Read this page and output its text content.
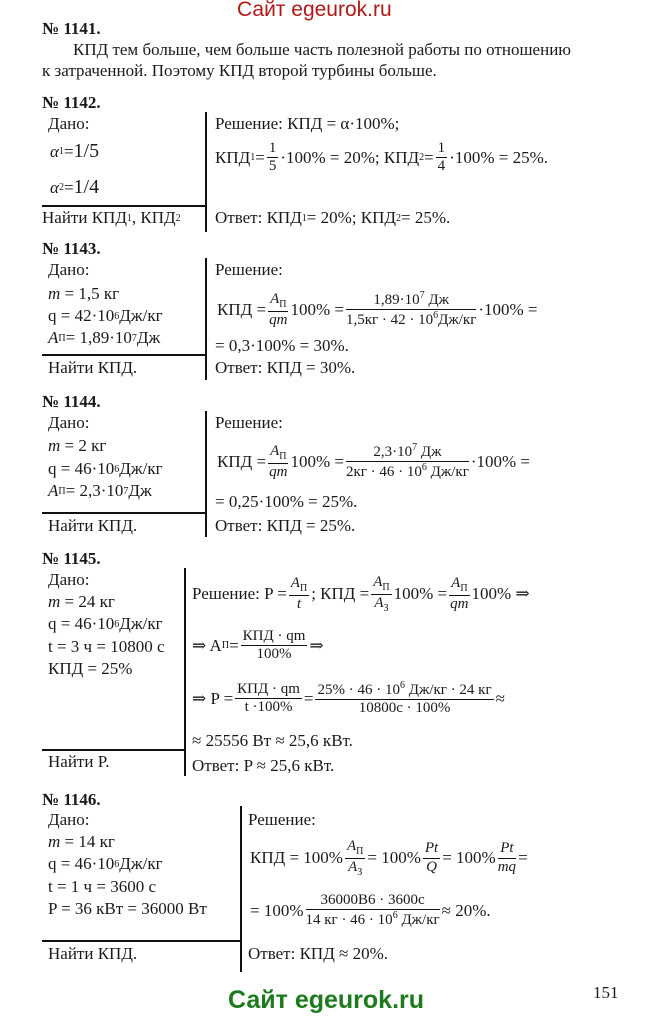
Сайт egeurok.ru
Сайт egeurok.ru	151
№ 1141.
КПД тем больше, чем больше часть полезной работы по отношению
к затраченной. Поэтому КПД второй турбины больше.
№ 1142.
Дано:
α 1 = 1/5
α 2 = 1/4
Найти КПД 1 , КПД 2
Решение: КПД = α·100%;
КПД $1 = \frac{1}{5} \cdot 100\% = 20\%$; КПД $2 = \frac{1}{4} \cdot 100\% = 25\%$.
Ответ: КПД 1 = 20%; КПД 2 = 25%.
№ 1143.
Дано:
m = 1,5 кг
q = 42·10 6 Дж/кг
A П = 1,89·10 7 Дж
Найти КПД.
Решение:
КПД = $\frac{A_П}{qm} 100\% = \frac{1,89\cdot 10^7 Дж}{1,5кг \cdot 42 \cdot 10^6Дж/кг} \cdot 100\%$ =
= 0,3·100% = 30%.
Ответ: КПД = 30%.
№ 1144.
Дано:
m = 2 кг
q = 46·10 6 Дж/кг
A П = 2,3·10 7 Дж
Найти КПД.
Решение:
КПД = $\frac{A_П}{qm} 100\% = \frac{2,3\cdot 10^7 Дж}{2кг \cdot 46 \cdot 10^6 Дж/кг} \cdot 100\%$ =
= 0,25·100% = 25%.
Ответ: КПД = 25%.
№ 1145.
Дано:
m = 24 кг
q = 46·10 6 Дж/кг
t = 3 ч = 10800 с
КПД = 25%
Найти P.
Решение: $P = \frac{A_П}{t}$ ; КПД = $\frac{A_П}{A_З} 100\% = \frac{A_П}{qm} 100\%$ ⇒
⇒ A $П = \frac{\text{КПД · qm}}{100\%}$ ⇒
⇒ $P = \frac{\text{КПД · qm}}{t \cdot 100\%} = \frac{25\% \cdot 46 \cdot 10^6 Дж/кг \cdot 24 кг}{10800с \cdot 100\%}$ ≈
≈ 25556 Вт ≈ 25,6 кВт.
Ответ: P ≈ 25,6 кВт.
№ 1146.
Дано:
m = 14 кг
q = 46·10 6 Дж/кг
t = 1 ч = 3600 с
P = 36 кВт = 36000 Вт
Найти КПД.
Решение:
КПД = $100\% \frac{A_П}{A_З} = 100\% \frac{Pt}{Q} = 100\% \frac{Pt}{mq}$ =
= $100\% \frac{36000В6 \cdot 3600с}{14 кг \cdot 46 \cdot 10^6 Дж/кг} \approx 20\%$.
Ответ: КПД ≈ 20%.
